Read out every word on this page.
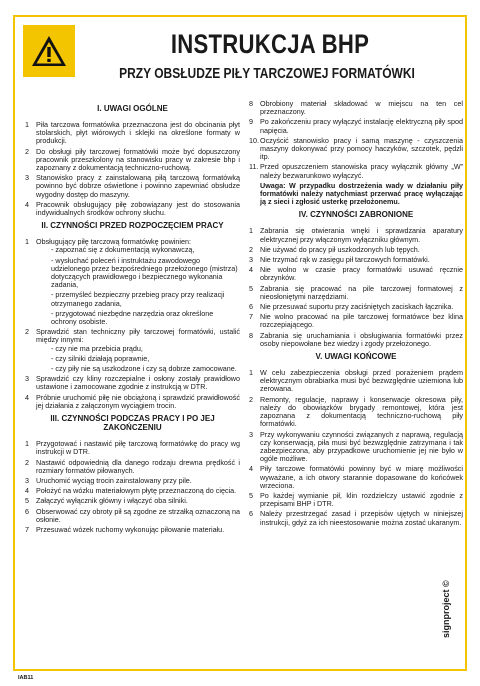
INSTRUKCJA BHP
PRZY OBSŁUDZE PIŁY TARCZOWEJ FORMATÓWKI
I. UWAGI OGÓLNE
1 Piła tarczowa formatówka przeznaczona jest do obcinania płyt stolarskich, płyt wiórowych i sklejki na określone formaty w produkcji.
2 Do obsługi piły tarczowej formatówki może być dopuszczony pracownik przeszkolony na stanowisku pracy w zakresie bhp i zapoznany z dokumentacją techniczno-ruchową.
3 Stanowisko pracy z zainstalowaną piłą tarczową formatówką powinno być dobrze oświetlone i powinno zapewniać obsłudze wygodny dostęp do maszyny.
4 Pracownik obsługujący piłę zobowiązany jest do stosowania indywidualnych środków ochrony słuchu.
II. CZYNNOŚCI PRZED ROZPOCZĘCIEM PRACY
1 Obsługujący piłę tarczową formatówkę powinien:
- zapoznać się z dokumentacją wykonawczą,
- wysłuchać poleceń i instruktażu zawodowego udzielonego przez bezpośredniego przełożonego (mistrza) dotyczących prawidłowego i bezpiecznego wykonania zadania,
- przemyśleć bezpieczny przebieg pracy przy realizacji otrzymanego zadania,
- przygotować niezbędne narzędzia oraz określone ochrony osobiste.
2 Sprawdzić stan techniczny piły tarczowej formatówki, ustalić między innymi:
- czy nie ma przebicia prądu,
- czy silniki działają poprawnie,
- czy piły nie są uszkodzone i czy są dobrze zamocowane.
3 Sprawdzić czy kliny rozczepialne i osłony zostały prawidłowo ustawione i zamocowane zgodnie z instrukcją w DTR.
4 Próbnie uruchomić piłę nie obciążoną i sprawdzić prawidłowość jej działania z załączonym wyciągiem trocin.
III. CZYNNOŚCI PODCZAS PRACY I PO JEJ ZAKOŃCZENIU
1 Przygotować i nastawić piłę tarczową formatówkę do pracy wg instrukcji w DTR.
2 Nastawić odpowiednią dla danego rodzaju drewna prędkość i rozmiary formatów piłowanych.
3 Uruchomić wyciąg trocin zainstalowany przy pile.
4 Położyć na wózku materiałowym płytę przeznaczoną do cięcia.
5 Załączyć wyłącznik główny i włączyć oba silniki.
6 Obserwować czy obroty pił są zgodne ze strzałką oznaczoną na osłonie.
7 Przesuwać wózek ruchomy wykonując piłowanie materiału.
8 Obrobiony materiał składować w miejscu na ten cel przeznaczony.
9 Po zakończeniu pracy wyłączyć instalację elektryczną piły spod napięcia.
10. Oczyścić stanowisko pracy i samą maszynę - czyszczenia maszyny dokonywać przy pomocy haczyków, szczotek, pędzli itp.
11. Przed opuszczeniem stanowiska pracy wyłącznik główny „W” należy bezwarunkowo wyłączyć.
Uwaga: W przypadku dostrzeżenia wady w działaniu piły formatówki należy natychmiast przerwać pracę wyłączając ją z sieci i zgłosić usterkę przełożonemu.
IV. CZYNNOŚCI ZABRONIONE
1 Zabrania się otwierania wnęki i sprawdzania aparatury elektrycznej przy włączonym wyłączniku głównym.
2 Nie używać do pracy pił uszkodzonych lub tępych.
3 Nie trzymać rąk w zasięgu pił tarczowych formatówki.
4 Nie wolno w czasie pracy formatówki usuwać ręcznie obrzynków.
5 Zabrania się pracować na pile tarczowej formatowej z nieosłoniętymi narzędziami.
6 Nie przesuwać suportu przy zaciśniętych zaciskach łącznika.
7 Nie wolno pracować na pile tarczowej formatówce bez klina rozczepiającego.
8 Zabrania się uruchamiania i obsługiwania formatówki przez osoby niepowołane bez wiedzy i zgody przełożonego.
V. UWAGI KOŃCOWE
1 W celu zabezpieczenia obsługi przed porażeniem prądem elektrycznym obrabiarka musi być bezwzględnie uziemiona lub zerowana.
2 Remonty, regulacje, naprawy i konserwacje okresowa piły, należy do obowiązków brygady remontowej, która jest zapoznana z dokumentacją techniczno-ruchową piły formatówki.
3 Przy wykonywaniu czynności związanych z naprawą, regulacją czy konserwacją, piła musi być bezwzględnie zatrzymana i tak zabezpieczona, aby przypadkowe uruchomienie jej nie było w ogóle możliwe.
4 Piły tarczowe formatówki powinny być w miarę możliwości wyważane, a ich otwory starannie dopasowane do końcówek wrzeciona.
5 Po każdej wymianie pił, klin rozdzielczy ustawić zgodnie z przepisami BHP i DTR.
6 Należy przestrzegać zasad i przepisów ujętych w niniejszej instrukcji, gdyż za ich nieestosowanie można zostać ukaranym.
IAB11
signproject ©
